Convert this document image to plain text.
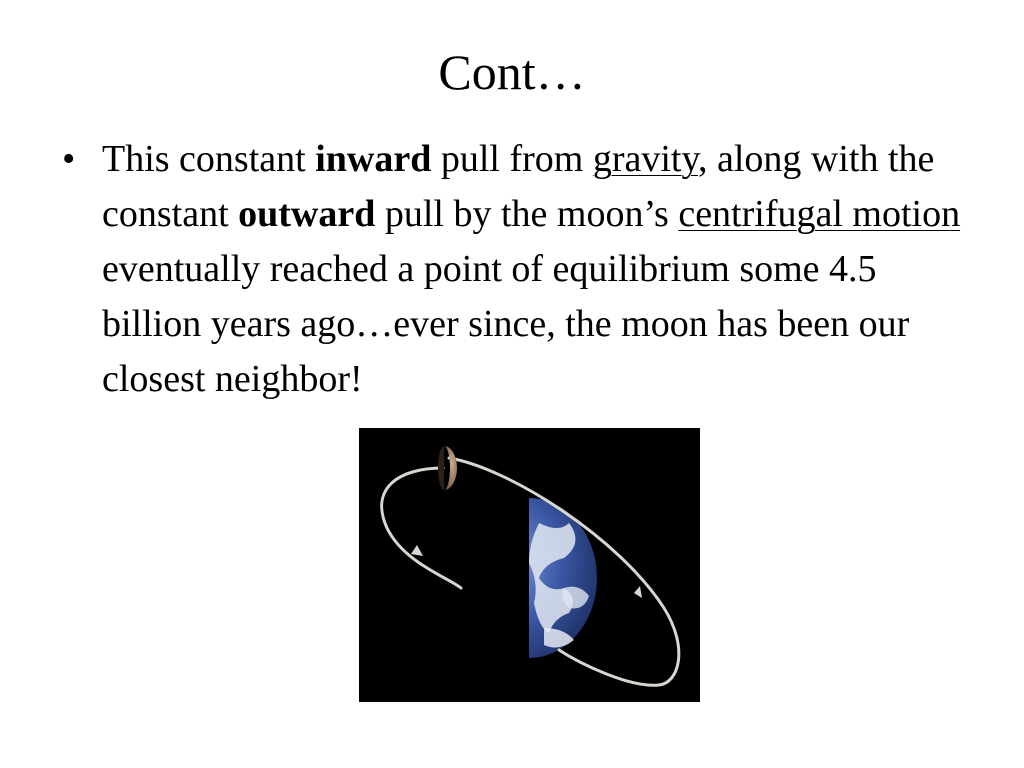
Cont…
• This constant inward pull from gravity, along with the constant outward pull by the moon’s centrifugal motion eventually reached a point of equilibrium some 4.5 billion years ago…ever since, the moon has been our closest neighbor!
